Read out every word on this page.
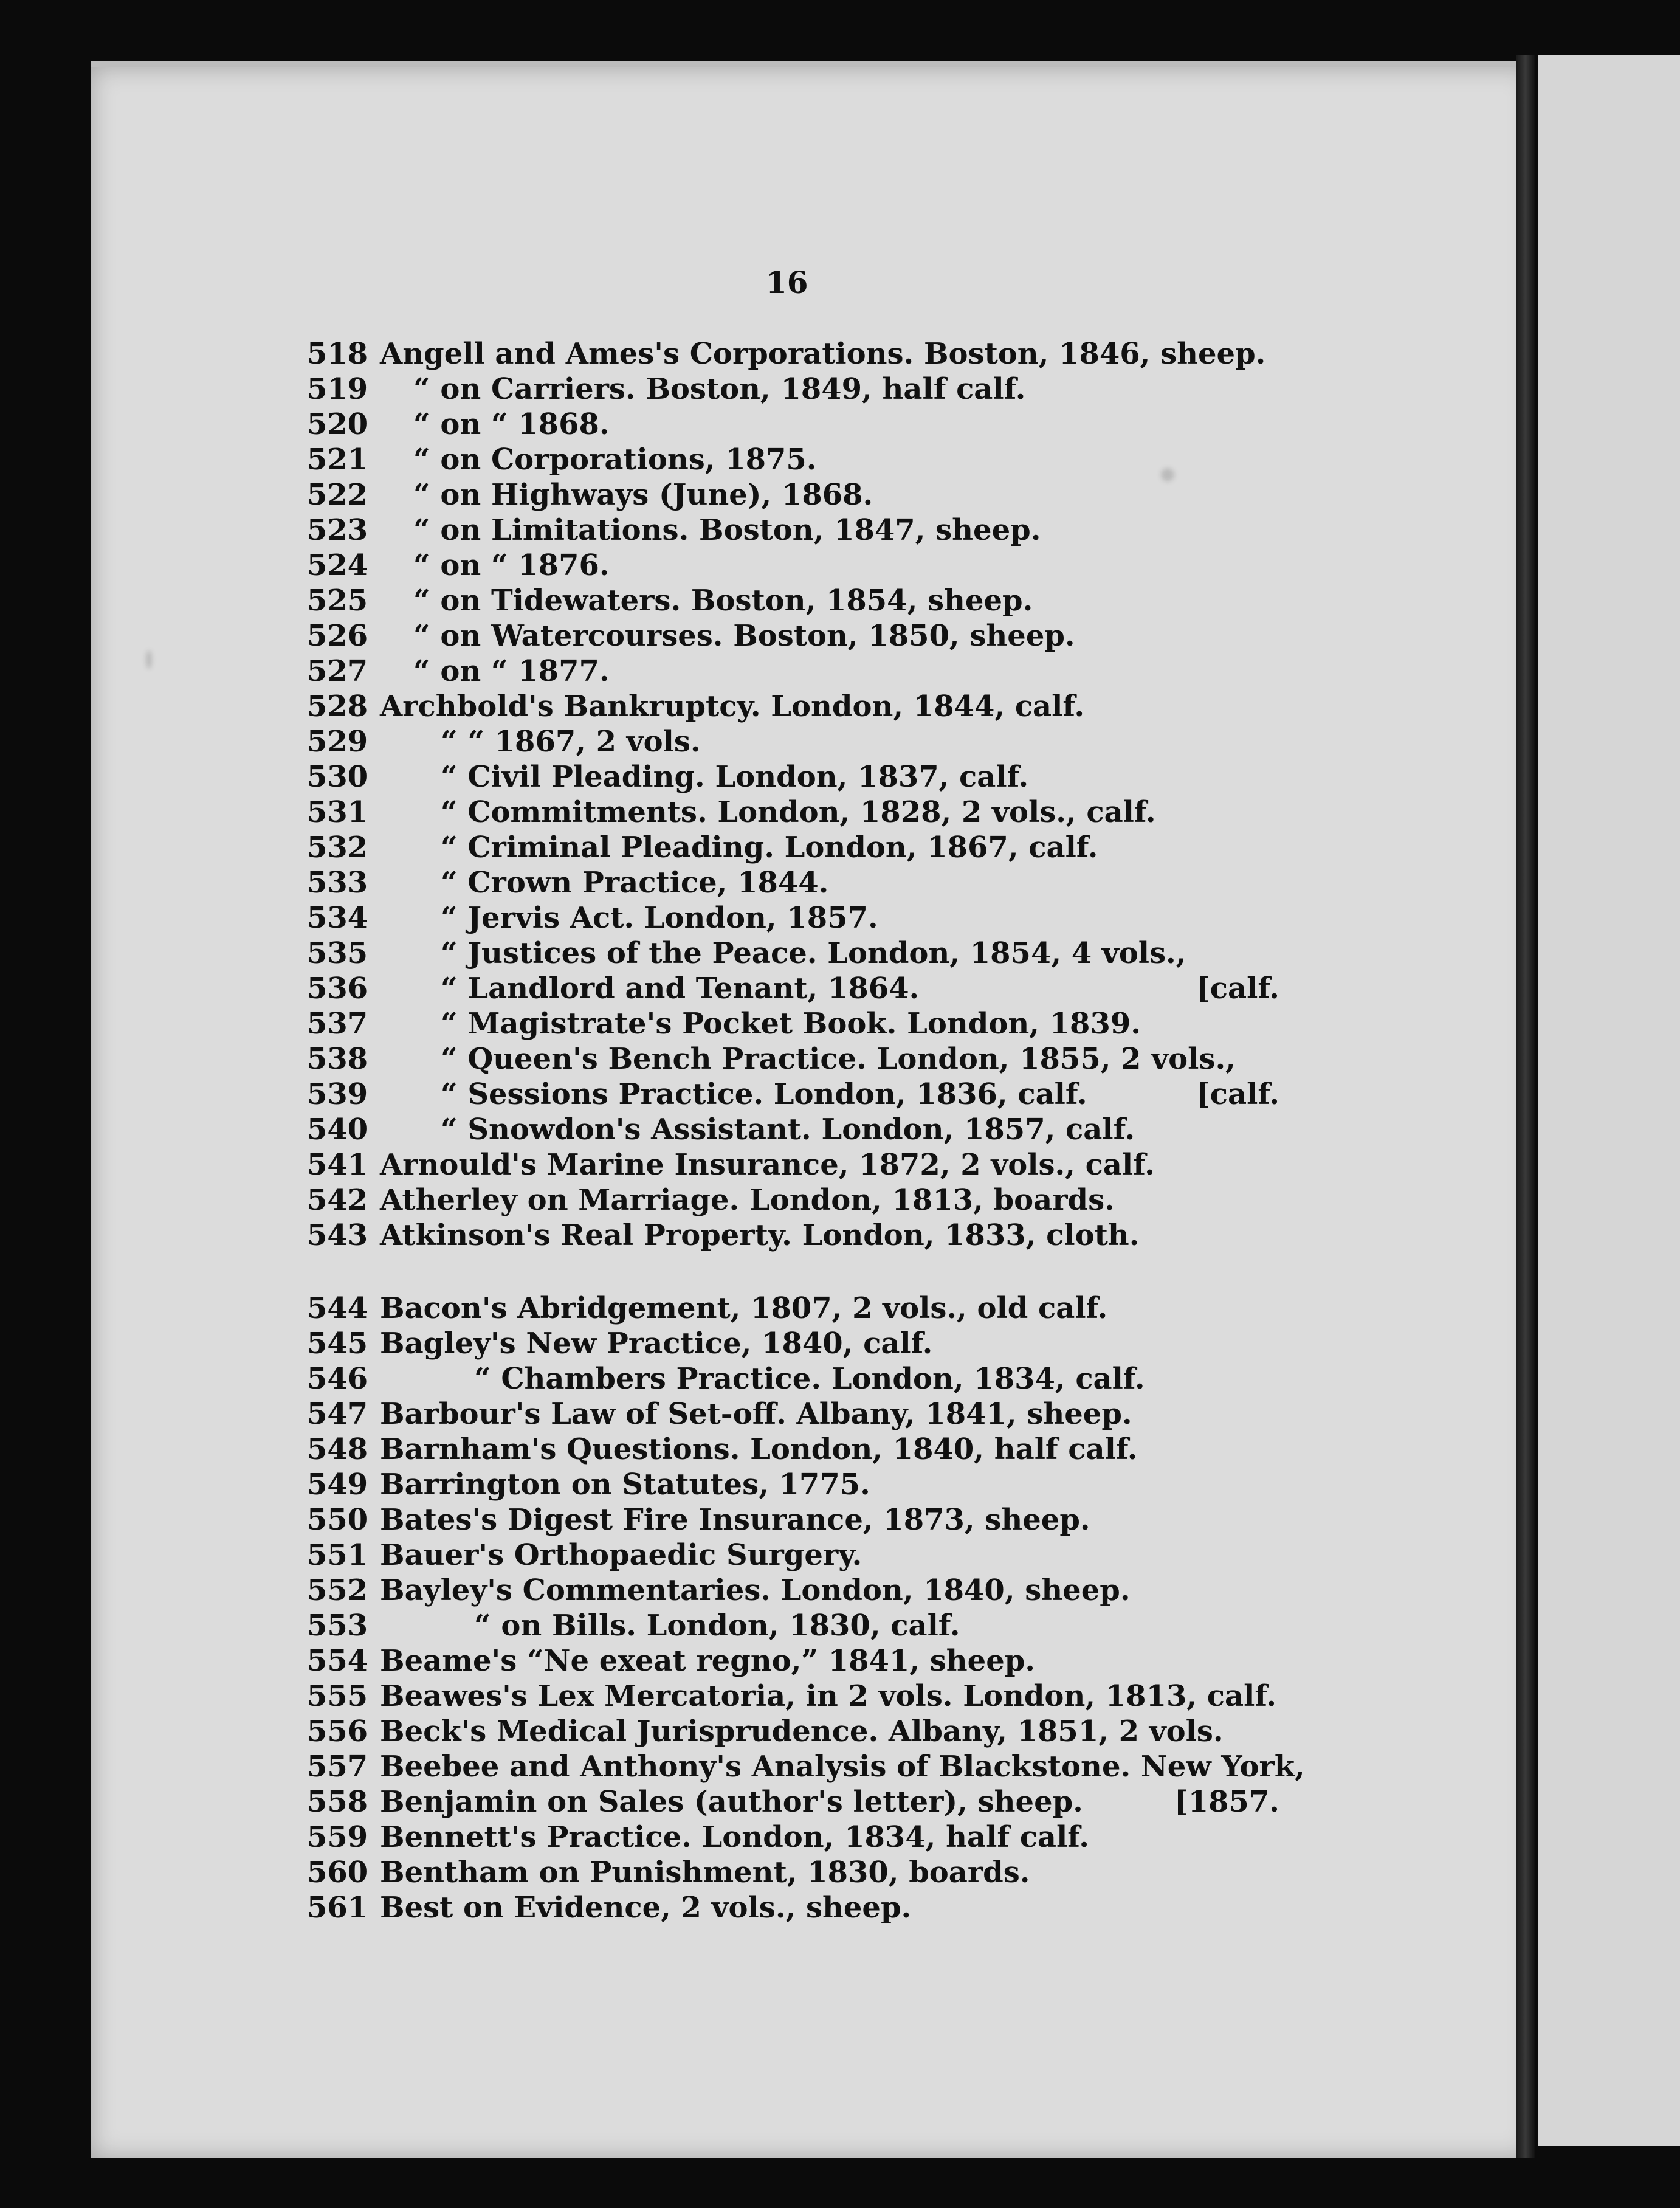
16
518 Angell and Ames's Corporations. Boston, 1846, sheep.
519 “ on Carriers. Boston, 1849, half calf.
520 “ on “ 1868.
521 “ on Corporations, 1875.
522 “ on Highways (June), 1868.
523 “ on Limitations. Boston, 1847, sheep.
524 “ on “ 1876.
525 “ on Tidewaters. Boston, 1854, sheep.
526 “ on Watercourses. Boston, 1850, sheep.
527 “ on “ 1877.
528 Archbold's Bankruptcy. London, 1844, calf.
529 “ “ 1867, 2 vols.
530 “ Civil Pleading. London, 1837, calf.
531 “ Commitments. London, 1828, 2 vols., calf.
532 “ Criminal Pleading. London, 1867, calf.
533 “ Crown Practice, 1844.
534 “ Jervis Act. London, 1857.
535 “ Justices of the Peace. London, 1854, 4 vols.,
536 “ Landlord and Tenant, 1864.	[calf.
537 “ Magistrate's Pocket Book. London, 1839.
538 “ Queen's Bench Practice. London, 1855, 2 vols.,
539 “ Sessions Practice. London, 1836, calf.	[calf.
540 “ Snowdon's Assistant. London, 1857, calf.
541 Arnould's Marine Insurance, 1872, 2 vols., calf.
542 Atherley on Marriage. London, 1813, boards.
543 Atkinson's Real Property. London, 1833, cloth.
544 Bacon's Abridgement, 1807, 2 vols., old calf.
545 Bagley's New Practice, 1840, calf.
546	“ Chambers Practice. London, 1834, calf.
547 Barbour's Law of Set-off. Albany, 1841, sheep.
548 Barnham's Questions. London, 1840, half calf.
549 Barrington on Statutes, 1775.
550 Bates's Digest Fire Insurance, 1873, sheep.
551 Bauer's Orthopaedic Surgery.
552 Bayley's Commentaries. London, 1840, sheep.
553	“ on Bills. London, 1830, calf.
554 Beame's “Ne exeat regno,” 1841, sheep.
555 Beawes's Lex Mercatoria, in 2 vols. London, 1813, calf.
556 Beck's Medical Jurisprudence. Albany, 1851, 2 vols.
557 Beebee and Anthony's Analysis of Blackstone. New York,
558 Benjamin on Sales (author's letter), sheep.	[1857.
559 Bennett's Practice. London, 1834, half calf.
560 Bentham on Punishment, 1830, boards.
561 Best on Evidence, 2 vols., sheep.
